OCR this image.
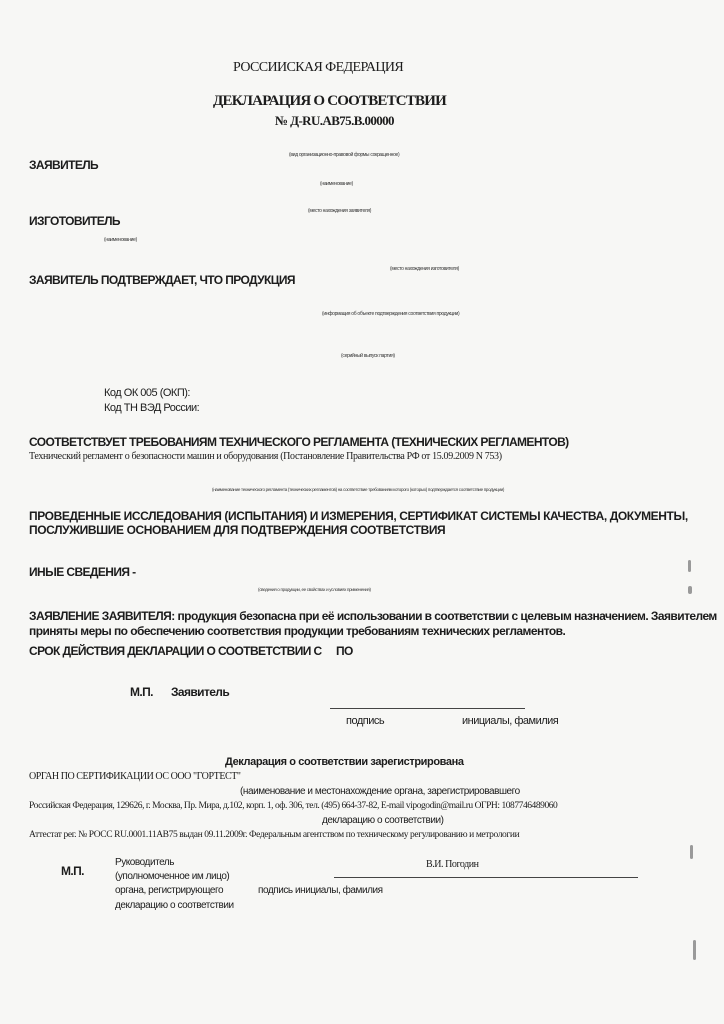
РОССИИСКАЯ ФЕДЕРАЦИЯ
ДЕКЛАРАЦИЯ О СООТВЕТСТВИИ
№ Д-RU.АВ75.В.00000
(вид организационно-правовой формы сокращенное)
ЗАЯВИТЕЛЬ
(наименование)
(место нахождения заявителя)
ИЗГОТОВИТЕЛЬ
(наименование)
(место нахождения изготовителя)
ЗАЯВИТЕЛЬ ПОДТВЕРЖДАЕТ, ЧТО ПРОДУКЦИЯ
(информация об объекте подтверждения соответствия продукции)
(серийный выпуск партия)
Код ОК 005 (ОКП):
Код ТН ВЭД России:
СООТВЕТСТВУЕТ ТРЕБОВАНИЯМ ТЕХНИЧЕСКОГО РЕГЛАМЕНТА (ТЕХНИЧЕСКИХ РЕГЛАМЕНТОВ)
Технический регламент о безопасности машин и оборудования (Постановление Правительства РФ от 15.09.2009 N 753)
(наименование технического регламента (технических регламентов) на соответствие требованиям которого (которых) подтверждается соответствие продукции)
ПРОВЕДЕННЫЕ ИССЛЕДОВАНИЯ (ИСПЫТАНИЯ) И ИЗМЕРЕНИЯ, СЕРТИФИКАТ СИСТЕМЫ КАЧЕСТВА, ДОКУМЕНТЫ,
ПОСЛУЖИВШИЕ ОСНОВАНИЕМ ДЛЯ ПОДТВЕРЖДЕНИЯ СООТВЕТСТВИЯ
ИНЫЕ СВЕДЕНИЯ -
(сведения о продукции, ее свойствах и условиях применения)
ЗАЯВЛЕНИЕ ЗАЯВИТЕЛЯ: продукция безопасна при её использовании в соответствии с целевым назначением. Заявителем
приняты меры по обеспечению соответствия продукции требованиям технических регламентов.
СРОК ДЕЙСТВИЯ ДЕКЛАРАЦИИ О СООТВЕТСТВИИ С ПО
М.П. Заявитель
подпись	инициалы, фамилия
Декларация о соответствии зарегистрирована
ОРГАН ПО СЕРТИФИКАЦИИ ОС ООО "ГОРТЕСТ"
(наименование и местонахождение органа, зарегистрировавшего
Российская Федерация, 129626, г. Москва, Пр. Мира, д.102, корп. 1, оф. 306, тел. (495) 664-37-82, E-mail vipogodin@mail.ru ОГРН: 1087746489060
декларацию о соответствии)
Аттестат рег. № РОСС RU.0001.11АВ75 выдан 09.11.2009г. Федеральным агентством по техническому регулированию и метрологии
М.П.
Руководитель
(уполномоченное им лицо)
органа, регистрирующего
декларацию о соответствии
В.И. Погодин
подпись инициалы, фамилия
